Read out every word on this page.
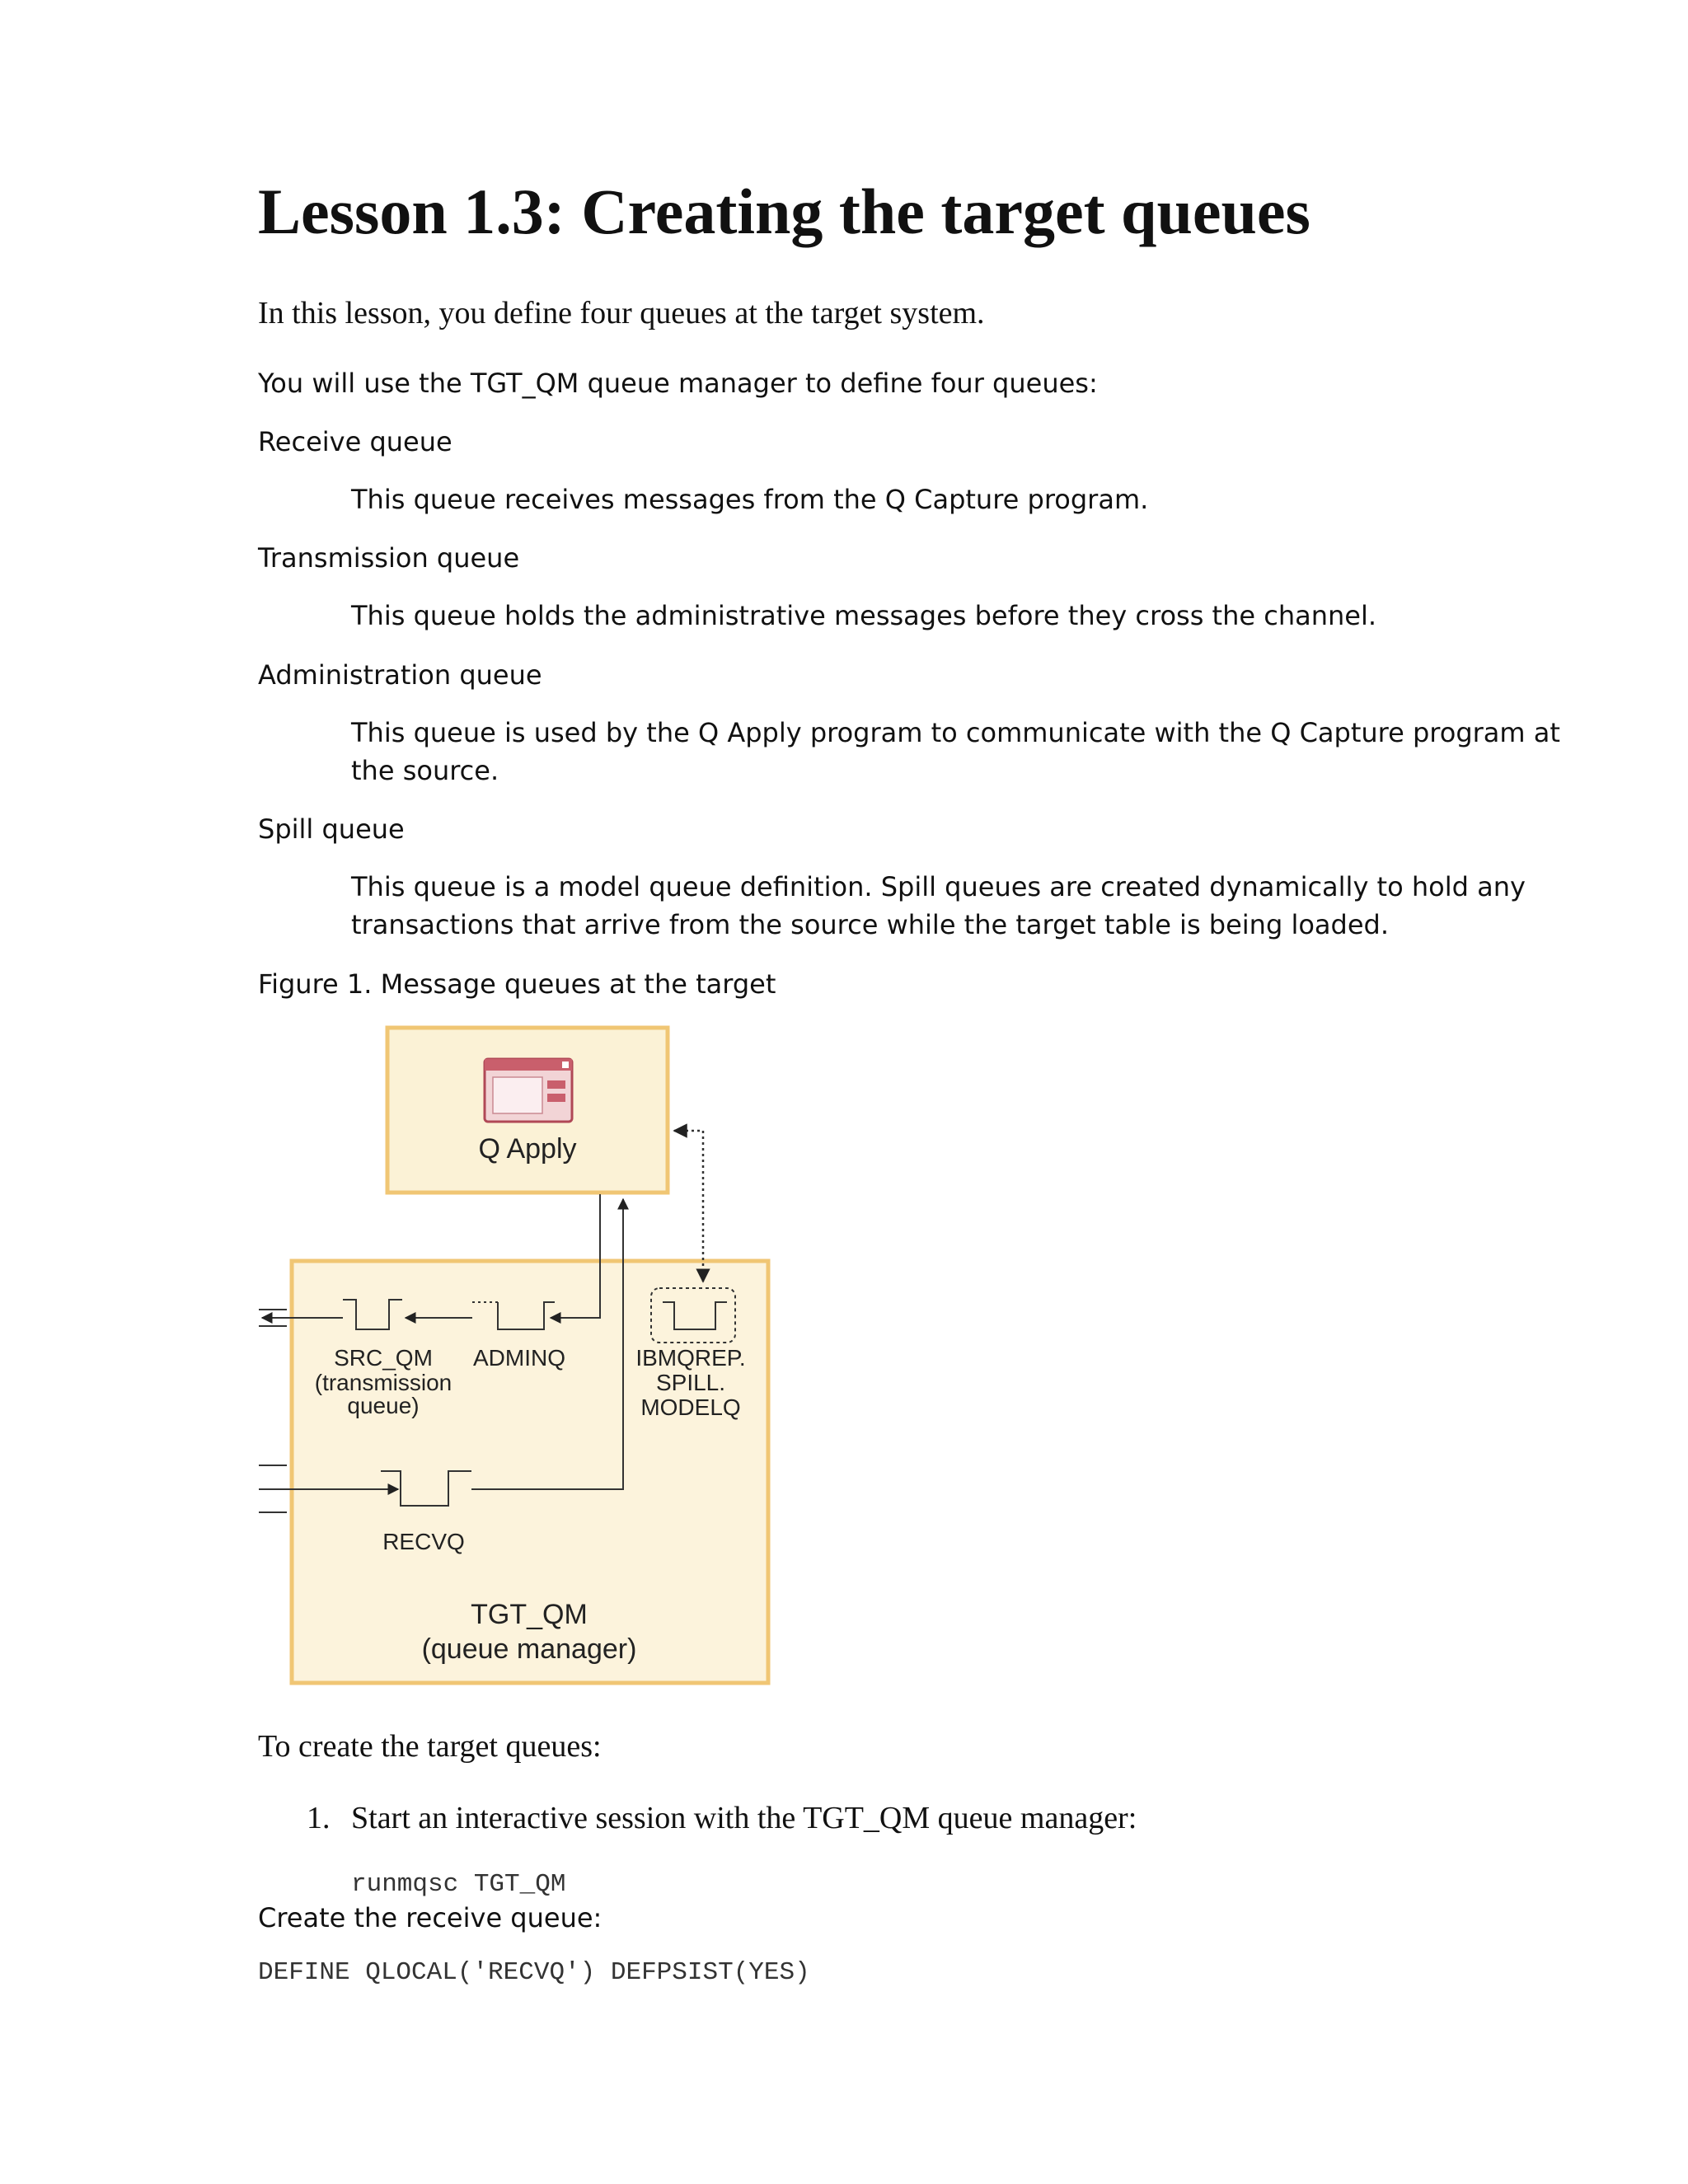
Lesson 1.3: Creating the target queues
In this lesson, you define four queues at the target system.
You will use the TGT_QM queue manager to define four queues:
Receive queue
This queue receives messages from the Q Capture program.
Transmission queue
This queue holds the administrative messages before they cross the channel.
Administration queue
This queue is used by the Q Apply program to communicate with the Q Capture program at
the source.
Spill queue
This queue is a model queue definition. Spill queues are created dynamically to hold any
transactions that arrive from the source while the target table is being loaded.
Figure 1. Message queues at the target
Q Apply
SRC_QM
(transmission
queue)
ADMINQ	IBMQREP.
SPILL.
MODELQ
RECVQ
TGT_QM
(queue manager)
To create the target queues:
1. Start an interactive session with the TGT_QM queue manager:
runmqsc TGT_QM
Create the receive queue:
DEFINE QLOCAL('RECVQ') DEFPSIST(YES)
